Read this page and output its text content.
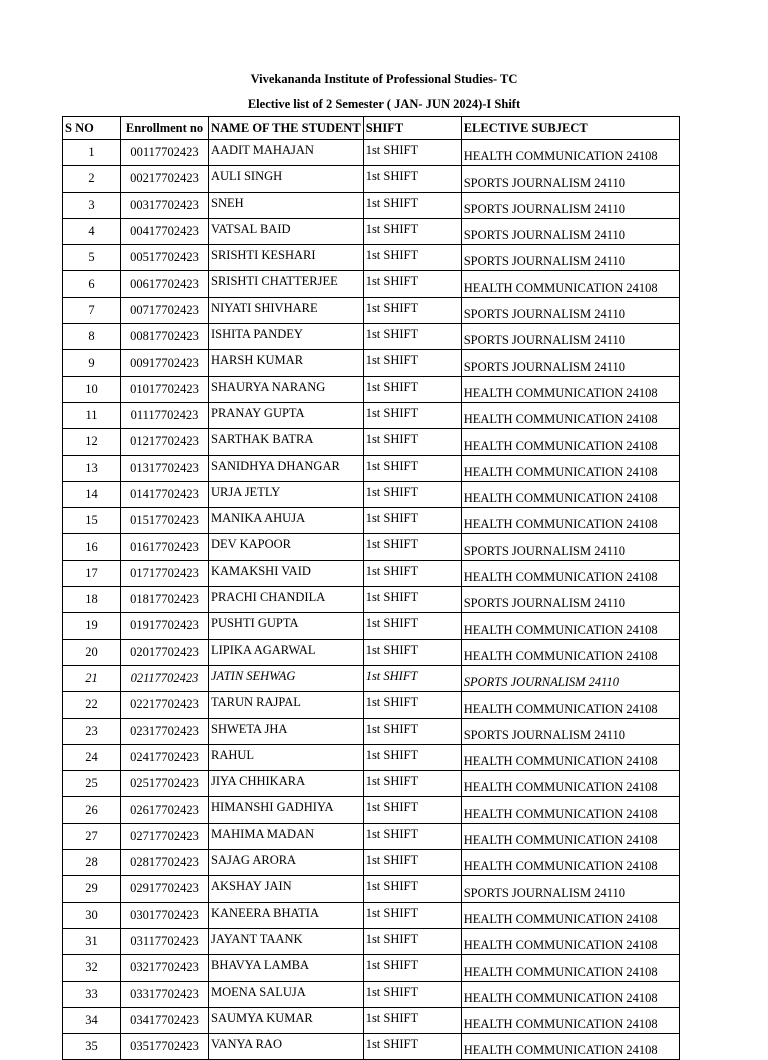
Vivekananda Institute of Professional Studies- TC
Elective list of 2 Semester ( JAN- JUN 2024)-I Shift
S NO	Enrollment no	NAME OF THE STUDENT	SHIFT	ELECTIVE SUBJECT
1	00117702423	AADIT MAHAJAN	1st SHIFT	HEALTH COMMUNICATION 24108
2	00217702423	AULI SINGH	1st SHIFT	SPORTS JOURNALISM 24110
3	00317702423	SNEH	1st SHIFT	SPORTS JOURNALISM 24110
4	00417702423	VATSAL BAID	1st SHIFT	SPORTS JOURNALISM 24110
5	00517702423	SRISHTI KESHARI	1st SHIFT	SPORTS JOURNALISM 24110
6	00617702423	SRISHTI CHATTERJEE	1st SHIFT	HEALTH COMMUNICATION 24108
7	00717702423	NIYATI SHIVHARE	1st SHIFT	SPORTS JOURNALISM 24110
8	00817702423	ISHITA PANDEY	1st SHIFT	SPORTS JOURNALISM 24110
9	00917702423	HARSH KUMAR	1st SHIFT	SPORTS JOURNALISM 24110
10	01017702423	SHAURYA NARANG	1st SHIFT	HEALTH COMMUNICATION 24108
11	01117702423	PRANAY GUPTA	1st SHIFT	HEALTH COMMUNICATION 24108
12	01217702423	SARTHAK BATRA	1st SHIFT	HEALTH COMMUNICATION 24108
13	01317702423	SANIDHYA DHANGAR	1st SHIFT	HEALTH COMMUNICATION 24108
14	01417702423	URJA JETLY	1st SHIFT	HEALTH COMMUNICATION 24108
15	01517702423	MANIKA AHUJA	1st SHIFT	HEALTH COMMUNICATION 24108
16	01617702423	DEV KAPOOR	1st SHIFT	SPORTS JOURNALISM 24110
17	01717702423	KAMAKSHI VAID	1st SHIFT	HEALTH COMMUNICATION 24108
18	01817702423	PRACHI CHANDILA	1st SHIFT	SPORTS JOURNALISM 24110
19	01917702423	PUSHTI GUPTA	1st SHIFT	HEALTH COMMUNICATION 24108
20	02017702423	LIPIKA AGARWAL	1st SHIFT	HEALTH COMMUNICATION 24108
21	02117702423	JATIN SEHWAG	1st SHIFT	SPORTS JOURNALISM 24110
22	02217702423	TARUN RAJPAL	1st SHIFT	HEALTH COMMUNICATION 24108
23	02317702423	SHWETA JHA	1st SHIFT	SPORTS JOURNALISM 24110
24	02417702423	RAHUL	1st SHIFT	HEALTH COMMUNICATION 24108
25	02517702423	JIYA CHHIKARA	1st SHIFT	HEALTH COMMUNICATION 24108
26	02617702423	HIMANSHI GADHIYA	1st SHIFT	HEALTH COMMUNICATION 24108
27	02717702423	MAHIMA MADAN	1st SHIFT	HEALTH COMMUNICATION 24108
28	02817702423	SAJAG ARORA	1st SHIFT	HEALTH COMMUNICATION 24108
29	02917702423	AKSHAY JAIN	1st SHIFT	SPORTS JOURNALISM 24110
30	03017702423	KANEERA BHATIA	1st SHIFT	HEALTH COMMUNICATION 24108
31	03117702423	JAYANT TAANK	1st SHIFT	HEALTH COMMUNICATION 24108
32	03217702423	BHAVYA LAMBA	1st SHIFT	HEALTH COMMUNICATION 24108
33	03317702423	MOENA SALUJA	1st SHIFT	HEALTH COMMUNICATION 24108
34	03417702423	SAUMYA KUMAR	1st SHIFT	HEALTH COMMUNICATION 24108
35	03517702423	VANYA RAO	1st SHIFT	HEALTH COMMUNICATION 24108
